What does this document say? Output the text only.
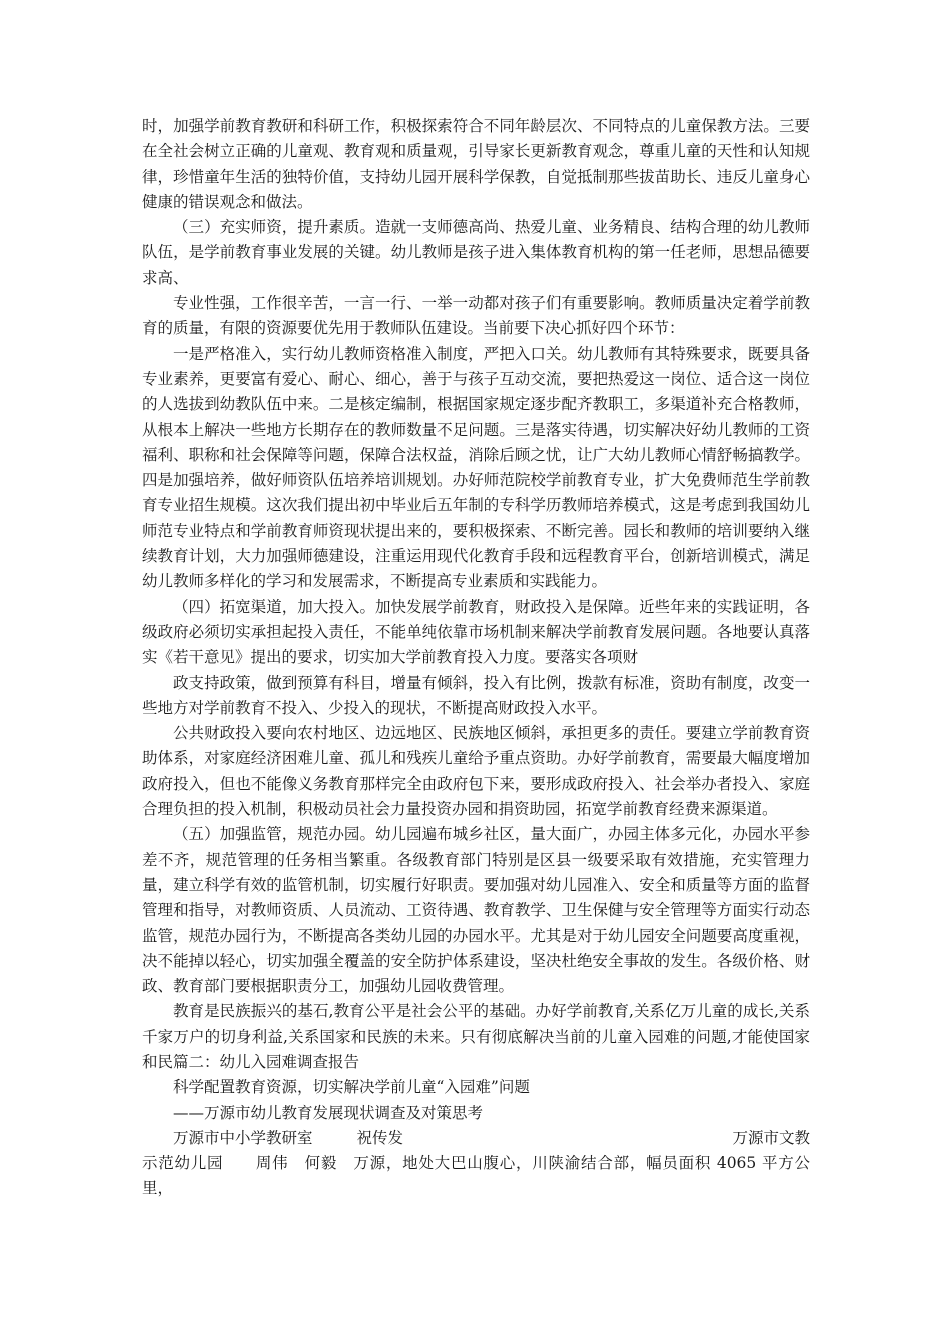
时，加强学前教育教研和科研工作，积极探索符合不同年龄层次、不同特点的儿童保教方法。三要在全社会树立正确的儿童观、教育观和质量观，引导家长更新教育观念，尊重儿童的天性和认知规律，珍惜童年生活的独特价值，支持幼儿园开展科学保教，自觉抵制那些拔苗助长、违反儿童身心健康的错误观念和做法。

（三）充实师资，提升素质。造就一支师德高尚、热爱儿童、业务精良、结构合理的幼儿教师队伍，是学前教育事业发展的关键。幼儿教师是孩子进入集体教育机构的第一任老师，思想品德要求高、

专业性强，工作很辛苦，一言一行、一举一动都对孩子们有重要影响。教师质量决定着学前教育的质量，有限的资源要优先用于教师队伍建设。当前要下决心抓好四个环节：

一是严格准入，实行幼儿教师资格准入制度，严把入口关。幼儿教师有其特殊要求，既要具备专业素养，更要富有爱心、耐心、细心，善于与孩子互动交流，要把热爱这一岗位、适合这一岗位的人选拔到幼教队伍中来。二是核定编制，根据国家规定逐步配齐教职工，多渠道补充合格教师，从根本上解决一些地方长期存在的教师数量不足问题。三是落实待遇，切实解决好幼儿教师的工资福利、职称和社会保障等问题，保障合法权益，消除后顾之忧，让广大幼儿教师心情舒畅搞教学。四是加强培养，做好师资队伍培养培训规划。办好师范院校学前教育专业，扩大免费师范生学前教育专业招生规模。这次我们提出初中毕业后五年制的专科学历教师培养模式，这是考虑到我国幼儿师范专业特点和学前教育师资现状提出来的，要积极探索、不断完善。园长和教师的培训要纳入继续教育计划，大力加强师德建设，注重运用现代化教育手段和远程教育平台，创新培训模式，满足幼儿教师多样化的学习和发展需求，不断提高专业素质和实践能力。

（四）拓宽渠道，加大投入。加快发展学前教育，财政投入是保障。近些年来的实践证明，各级政府必须切实承担起投入责任，不能单纯依靠市场机制来解决学前教育发展问题。各地要认真落实《若干意见》提出的要求，切实加大学前教育投入力度。要落实各项财

政支持政策，做到预算有科目，增量有倾斜，投入有比例，拨款有标准，资助有制度，改变一些地方对学前教育不投入、少投入的现状，不断提高财政投入水平。

公共财政投入要向农村地区、边远地区、民族地区倾斜，承担更多的责任。要建立学前教育资助体系，对家庭经济困难儿童、孤儿和残疾儿童给予重点资助。办好学前教育，需要最大幅度增加政府投入，但也不能像义务教育那样完全由政府包下来，要形成政府投入、社会举办者投入、家庭合理负担的投入机制，积极动员社会力量投资办园和捐资助园，拓宽学前教育经费来源渠道。

（五）加强监管，规范办园。幼儿园遍布城乡社区，量大面广，办园主体多元化，办园水平参差不齐，规范管理的任务相当繁重。各级教育部门特别是区县一级要采取有效措施，充实管理力量，建立科学有效的监管机制，切实履行好职责。要加强对幼儿园准入、安全和质量等方面的监督管理和指导，对教师资质、人员流动、工资待遇、教育教学、卫生保健与安全管理等方面实行动态监管，规范办园行为，不断提高各类幼儿园的办园水平。尤其是对于幼儿园安全问题要高度重视，决不能掉以轻心，切实加强全覆盖的安全防护体系建设，坚决杜绝安全事故的发生。各级价格、财政、教育部门要根据职责分工，加强幼儿园收费管理。

教育是民族振兴的基石,教育公平是社会公平的基础。办好学前教育,关系亿万儿童的成长,关系千家万户的切身利益,关系国家和民族的未来。只有彻底解决当前的儿童入园难的问题,才能使国家和民篇二：幼儿入园难调查报告

科学配置教育资源，切实解决学前儿童“入园难”问题

——万源市幼儿教育发展现状调查及对策思考

万源市中小学教研室	祝传发	万源市文教

示范幼儿园　　周伟　何毅　万源，地处大巴山腹心，川陕渝结合部，幅员面积 4065 平方公里，
